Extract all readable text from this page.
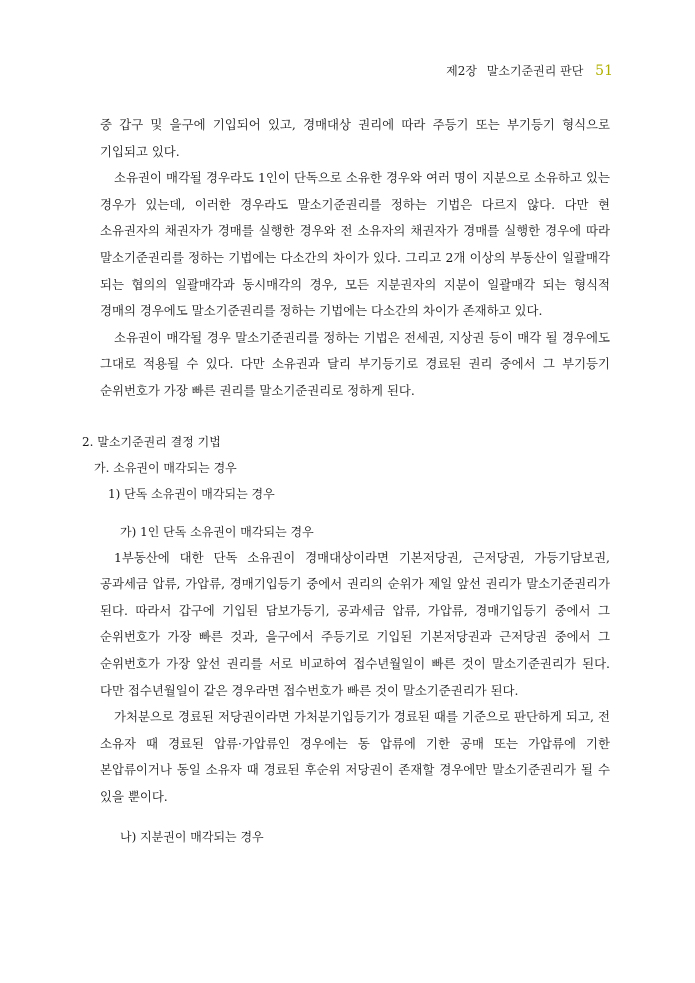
제2장 말소기준권리 판단 51

중 갑구 및 을구에 기입되어 있고, 경매대상 권리에 따라 주등기 또는 부기등기 형식으로 기입되고 있다.

소유권이 매각될 경우라도 1인이 단독으로 소유한 경우와 여러 명이 지분으로 소유하고 있는 경우가 있는데, 이러한 경우라도 말소기준권리를 정하는 기법은 다르지 않다. 다만 현 소유권자의 채권자가 경매를 실행한 경우와 전 소유자의 채권자가 경매를 실행한 경우에 따라 말소기준권리를 정하는 기법에는 다소간의 차이가 있다. 그리고 2개 이상의 부동산이 일괄매각 되는 협의의 일괄매각과 동시매각의 경우, 모든 지분권자의 지분이 일괄매각 되는 형식적 경매의 경우에도 말소기준권리를 정하는 기법에는 다소간의 차이가 존재하고 있다.

소유권이 매각될 경우 말소기준권리를 정하는 기법은 전세권, 지상권 등이 매각 될 경우에도 그대로 적용될 수 있다. 다만 소유권과 달리 부기등기로 경료된 권리 중에서 그 부기등기 순위번호가 가장 빠른 권리를 말소기준권리로 정하게 된다.

2. 말소기준권리 결정 기법

가. 소유권이 매각되는 경우

1) 단독 소유권이 매각되는 경우

가) 1인 단독 소유권이 매각되는 경우

1부동산에 대한 단독 소유권이 경매대상이라면 기본저당권, 근저당권, 가등기담보권, 공과세금 압류, 가압류, 경매기입등기 중에서 권리의 순위가 제일 앞선 권리가 말소기준권리가 된다. 따라서 갑구에 기입된 담보가등기, 공과세금 압류, 가압류, 경매기입등기 중에서 그 순위번호가 가장 빠른 것과, 을구에서 주등기로 기입된 기본저당권과 근저당권 중에서 그 순위번호가 가장 앞선 권리를 서로 비교하여 접수년월일이 빠른 것이 말소기준권리가 된다. 다만 접수년월일이 같은 경우라면 접수번호가 빠른 것이 말소기준권리가 된다.

가처분으로 경료된 저당권이라면 가처분기입등기가 경료된 때를 기준으로 판단하게 되고, 전 소유자 때 경료된 압류·가압류인 경우에는 동 압류에 기한 공매 또는 가압류에 기한 본압류이거나 동일 소유자 때 경료된 후순위 저당권이 존재할 경우에만 말소기준권리가 될 수 있을 뿐이다.

나) 지분권이 매각되는 경우
